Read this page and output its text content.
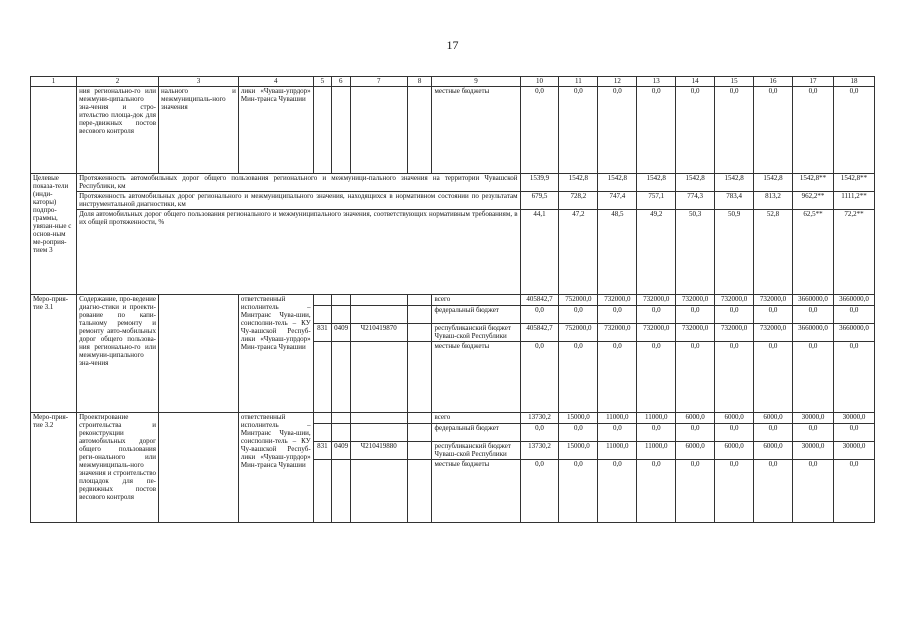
17
1	2	3	4	5	6	7	8	9	10	11	12	13	14	15	16	17	18
	ния регионально-го или межмуни-ципального зна-чения и стро-ительство площа-док для пере-движных постов весового контроля	нального и межмуниципаль-ного значения	лики «Чуваш-упрдор» Мин-транса Чувашии					местные бюджеты	0,0	0,0	0,0	0,0	0,0	0,0	0,0	0,0	0,0
Целевые показа-тели (инди-каторы) подпро-граммы, увязан-ные с основ-ным ме-роприя-тием 3	Протяженность автомобильных дорог общего пользования регионального и межмуници-пального значения на территории Чувашской Республики, км								1539,9	1542,8	1542,8	1542,8	1542,8	1542,8	1542,8	1542,8**	1542,8**
	Протяженность автомобильных дорог регионального и межмуниципального значения, находящихся в нормативном состоянии по результатам инструментальной диагностики, км								679,5	728,2	747,4	757,1	774,3	783,4	813,2	962,2**	1111,2**
	Доля автомобильных дорог общего пользования регионального и межмуниципального значения, соответствующих нормативным требованиям, в их общей протяженности, %								44,1	47,2	48,5	49,2	50,3	50,9	52,8	62,5**	72,2**
Меро-прия-тие 3.1	Содержание, про-ведение диагно-стики и проекти-рование по капи-тальному ремонту и ремонту авто-мобильных дорог общего пользова-ния регионально-го или межмуни-ципального зна-чения		ответственный исполнитель – Минтранс Чува-шии, соисполни-тель – КУ Чу-вашской Респуб-лики «Чуваш-упрдор» Мин-транса Чувашии					всего	405842,7	752000,0	732000,0	732000,0	732000,0	732000,0	732000,0	3660000,0	3660000,0
								федеральный бюджет	0,0	0,0	0,0	0,0	0,0	0,0	0,0	0,0	0,0
				831	0409	Ч210419870		республиканский бюджет Чуваш-ской Республики	405842,7	752000,0	732000,0	732000,0	732000,0	732000,0	732000,0	3660000,0	3660000,0
								местные бюджеты	0,0	0,0	0,0	0,0	0,0	0,0	0,0	0,0	0,0
Меро-прия-тие 3.2	Проектирование строительства и реконструкции автомобильных дорог общего пользования реги-онального или межмуниципаль-ного значения и строительство площадок для пе-редвижных постов весового контроля		ответственный исполнитель – Минтранс Чува-шии, соисполни-тель – КУ Чу-вашской Респуб-лики «Чуваш-упрдор» Мин-транса Чувашии					всего	13730,2	15000,0	11000,0	11000,0	6000,0	6000,0	6000,0	30000,0	30000,0
								федеральный бюджет	0,0	0,0	0,0	0,0	0,0	0,0	0,0	0,0	0,0
				831	0409	Ч210419880		республиканский бюджет Чуваш-ской Республики	13730,2	15000,0	11000,0	11000,0	6000,0	6000,0	6000,0	30000,0	30000,0
								местные бюджеты	0,0	0,0	0,0	0,0	0,0	0,0	0,0	0,0	0,0
